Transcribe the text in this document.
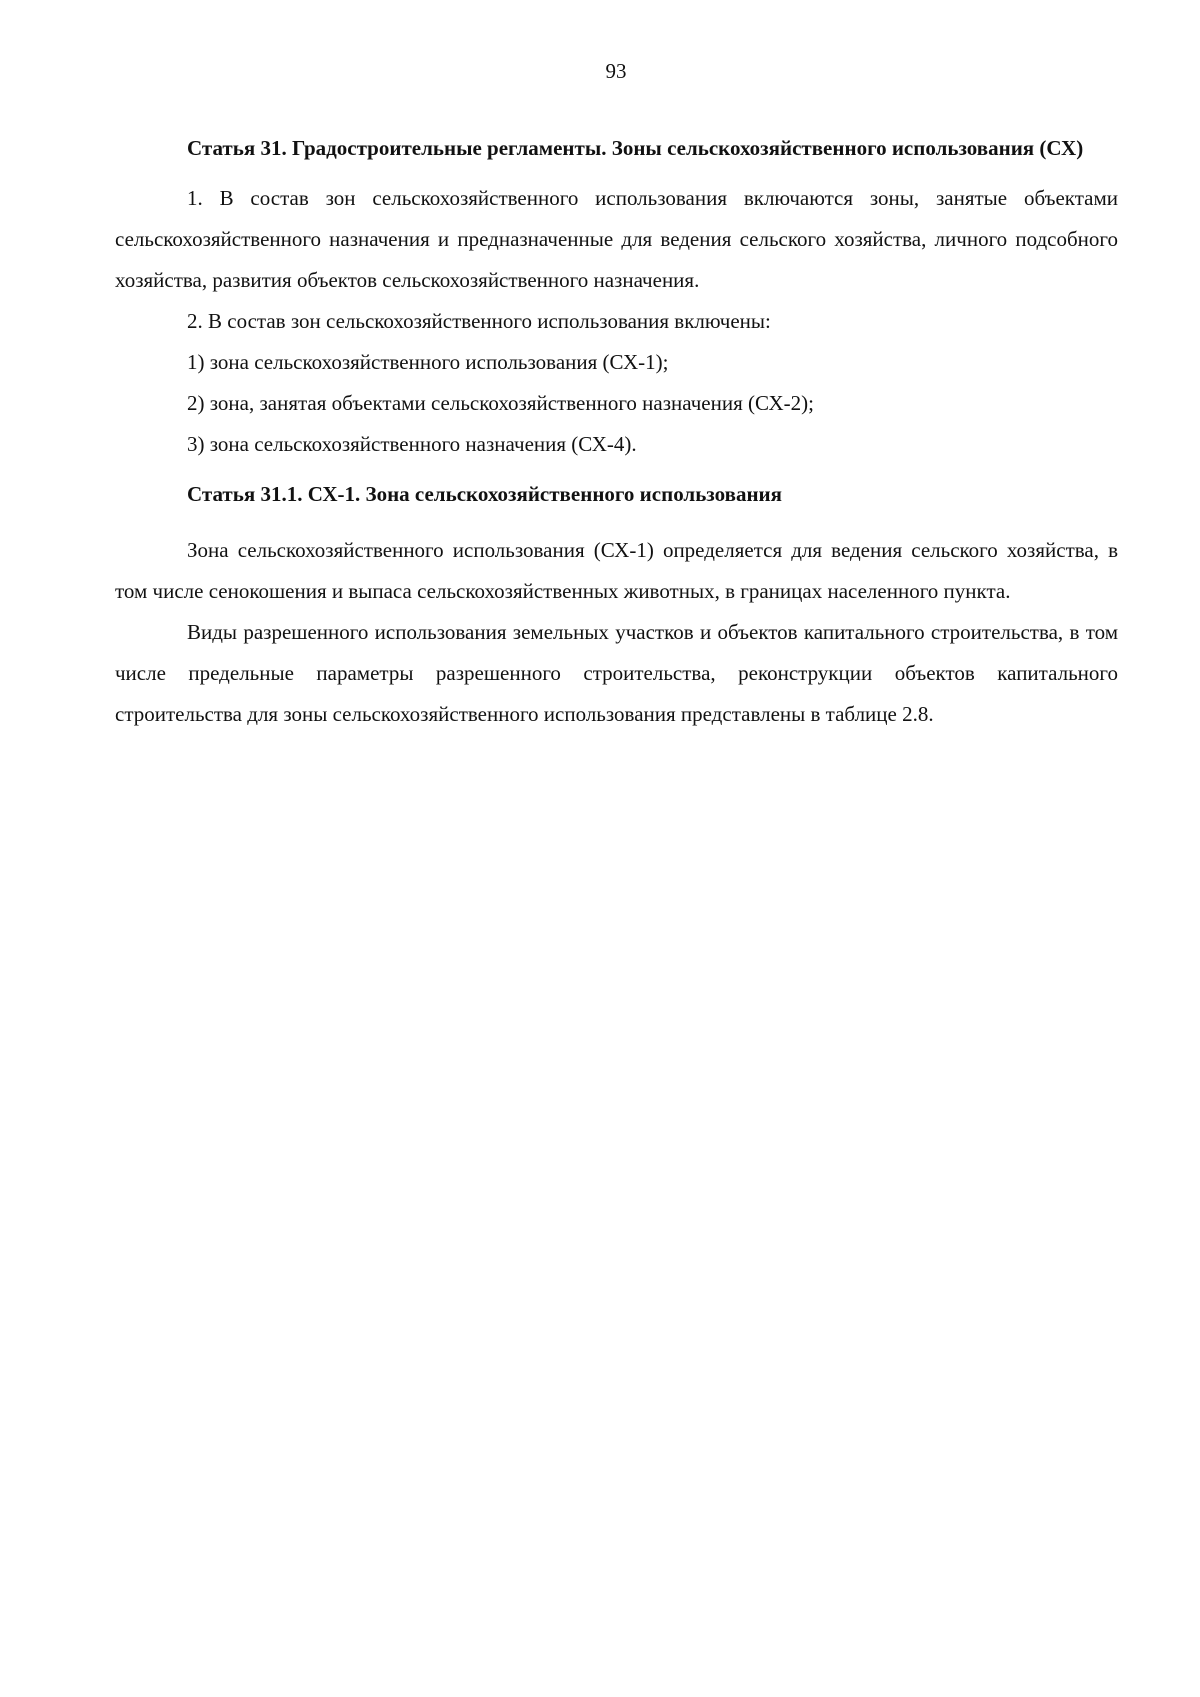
93

Статья 31. Градостроительные регламенты. Зоны сельскохозяйственного использования (СХ)

1. В состав зон сельскохозяйственного использования включаются зоны, занятые объектами сельскохозяйственного назначения и предназначенные для ведения сельского хозяйства, личного подсобного хозяйства, развития объектов сельскохозяйственного назначения.

2. В состав зон сельскохозяйственного использования включены:

1) зона сельскохозяйственного использования (СХ-1);

2) зона, занятая объектами сельскохозяйственного назначения (СХ-2);

3) зона сельскохозяйственного назначения (СХ-4).

Статья 31.1. СХ-1. Зона сельскохозяйственного использования

Зона сельскохозяйственного использования (СХ-1) определяется для ведения сельского хозяйства, в том числе сенокошения и выпаса сельскохозяйственных животных, в границах населенного пункта.

Виды разрешенного использования земельных участков и объектов капитального строительства, в том числе предельные параметры разрешенного строительства, реконструкции объектов капитального строительства для зоны сельскохозяйственного использования представлены в таблице 2.8.
